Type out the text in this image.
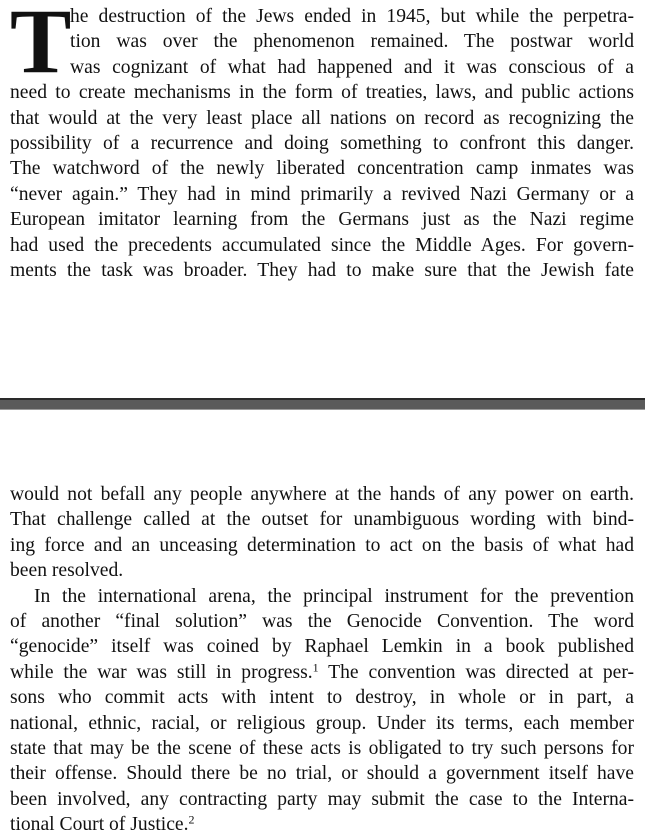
T
he destruction of the Jews ended in 1945, but while the perpetra-
tion was over the phenomenon remained. The postwar world
was cognizant of what had happened and it was conscious of a
need to create mechanisms in the form of treaties, laws, and public actions
that would at the very least place all nations on record as recognizing the
possibility of a recurrence and doing something to confront this danger.
The watchword of the newly liberated concentration camp inmates was
“never again.” They had in mind primarily a revived Nazi Germany or a
European imitator learning from the Germans just as the Nazi regime
had used the precedents accumulated since the Middle Ages. For govern-
ments the task was broader. They had to make sure that the Jewish fate
would not befall any people anywhere at the hands of any power on earth.
That challenge called at the outset for unambiguous wording with bind-
ing force and an unceasing determination to act on the basis of what had
been resolved.
In the international arena, the principal instrument for the prevention
of another “final solution” was the Genocide Convention. The word
“genocide” itself was coined by Raphael Lemkin in a book published
while the war was still in progress.$^1$ The convention was directed at per-
sons who commit acts with intent to destroy, in whole or in part, a
national, ethnic, racial, or religious group. Under its terms, each member
state that may be the scene of these acts is obligated to try such persons for
their offense. Should there be no trial, or should a government itself have
been involved, any contracting party may submit the case to the Interna-
tional Court of Justice.$^2$
